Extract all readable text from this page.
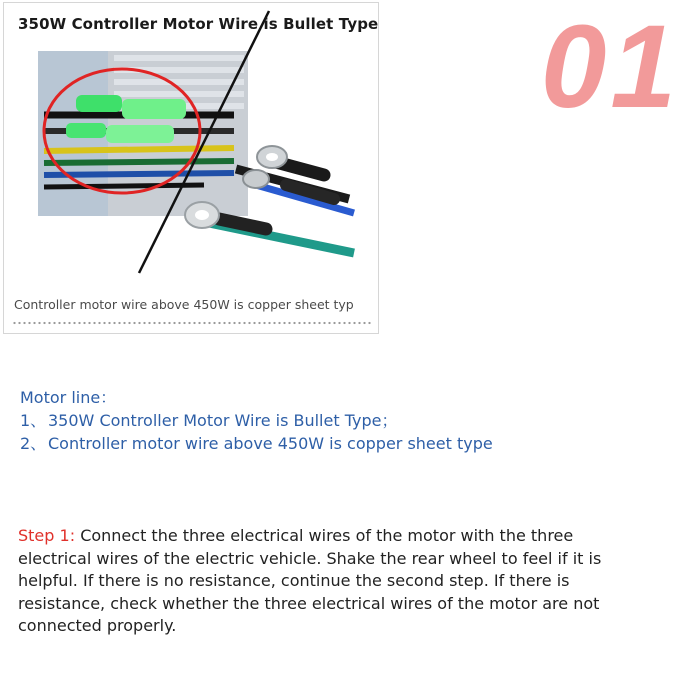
350W Controller Motor Wire is Bullet Type
Controller motor wire above 450W is copper sheet typ
01
Motor line：
1、 350W Controller Motor Wire is Bullet Type；
2、 Controller motor wire above 450W is copper sheet type
Step 1: Connect the three electrical wires of the motor with the three electrical wires of the electric vehicle. Shake the rear wheel to feel if it is helpful. If there is no resistance, continue the second step. If there is resistance, check whether the three electrical wires of the motor are not connected properly.
